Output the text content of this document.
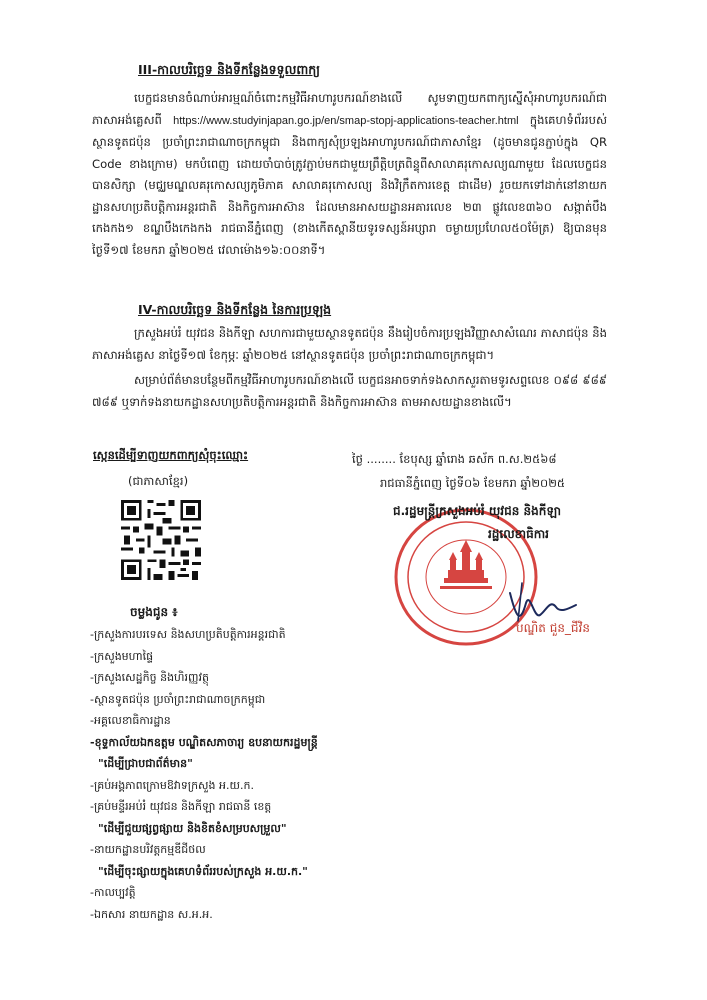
III-កាលបរិច្ឆេទ និងទីកន្លែងទទួលពាក្យ

បេក្ខជនមានចំណាប់អារម្មណ៍ចំពោះកម្មវិធីអាហារូបករណ៍ខាងលើ សូមទាញយកពាក្យស្នើសុំអាហារូបករណ៍ជាភាសាអង់គ្លេសពី https://www.studyinjapan.go.jp/en/smap-stopj-applications-teacher.html ក្នុងគេហទំព័ររបស់ស្ថានទូតជប៉ុន ប្រចាំព្រះរាជាណាចក្រកម្ពុជា និងពាក្យសុំប្រឡងអាហារូបករណ៍ជាភាសាខ្មែរ (ដូចមានជូនភ្ជាប់ក្នុង QR Code ខាងក្រោម) មកបំពេញ ដោយចាំបាច់ត្រូវភ្ជាប់មកជាមួយព្រឹត្តិបត្រពិន្ទុពីសាលាគរុកោសល្យណាមួយ ដែលបេក្ខជនបានសិក្សា (មជ្ឈមណ្ឌលគរុកោសល្យភូមិភាគ សាលាគរុកោសល្យ និងវិក្រឹតការខេត្ត ជាដើម) រួចយកទៅដាក់នៅនាយកដ្ឋានសហប្រតិបត្តិការអន្តរជាតិ និងកិច្ចការអាស៊ាន ដែលមានអាសយដ្ឋានអគារលេខ ២៣ ផ្លូវលេខ៣៦០ សង្កាត់បឹងកេងកង១ ខណ្ឌបឹងកេងកង រាជធានីភ្នំពេញ (ខាងកើតស្ពានីយទូរទស្សន៍អប្សារា ចម្ងាយប្រហែល៥០ម៉ែត្រ) ឱ្យបានមុនថ្ងៃទី១៧ ខែមករា ឆ្នាំ២០២៥ វេលាម៉ោង១៦:០០នាទី។

IV-កាលបរិច្ឆេទ និងទីកន្លែង នៃការប្រឡង

ក្រសួងអប់រំ យុវជន និងកីឡា សហការជាមួយស្ថានទូតជប៉ុន នឹងរៀបចំការប្រឡងវិញ្ញាសាសំណេរ ភាសាជប៉ុន និងភាសាអង់គ្លេស នាថ្ងៃទី១៧ ខែកុម្ភៈ ឆ្នាំ២០២៥ នៅស្ថានទូតជប៉ុន ប្រចាំព្រះរាជាណាចក្រកម្ពុជា។

សម្រាប់ព័ត៌មានបន្ថែមពីកម្មវិធីអាហារូបករណ៍ខាងលើ បេក្ខជនអាចទាក់ទងសាកសួរតាមទូរសព្ទលេខ ០៩៨ ៩៨៩ ៧៨៩ ឬទាក់ទងនាយកដ្ឋានសហប្រតិបត្តិការអន្តរជាតិ និងកិច្ចការអាស៊ាន តាមអាសយដ្ឋានខាងលើ។

ស្កេនដើម្បីទាញយកពាក្យសុំចុះឈ្មោះ
(ជាភាសាខ្មែរ)
ថ្ងៃ ........ ខែបុស្ស ឆ្នាំរោង ឆស័ក ព.ស.២៥៦៨
រាជធានីភ្នំពេញ ថ្ងៃទី០៦ ខែមករា ឆ្នាំ២០២៥
ជ.រដ្ឋមន្ត្រីក្រសួងអប់រំ យុវជន និងកីឡា
រដ្ឋលេខាធិការ
បណ្ឌិត ជួន_ជីវិន
ចម្លងជូន ៖
-ក្រសួងការបរទេស និងសហប្រតិបត្តិការអន្តរជាតិ
-ក្រសួងមហាផ្ទៃ
-ក្រសួងសេដ្ឋកិច្ច និងហិរញ្ញវត្ថុ
-ស្ថានទូតជប៉ុន ប្រចាំព្រះរាជាណាចក្រកម្ពុជា
-អគ្គលេខាធិការដ្ឋាន
-ខុទ្ទកាល័យឯកឧត្តម បណ្ឌិតសភាចារ្យ ឧបនាយករដ្ឋមន្ត្រី
"ដើម្បីជ្រាបជាព័ត៌មាន"
-គ្រប់អង្គភាពក្រោមឱវាទក្រសួង អ.យ.ក.
-គ្រប់មន្ទីរអប់រំ យុវជន និងកីឡា រាជធានី ខេត្ត
"ដើម្បីជួយផ្សព្វផ្សាយ និងខិតខំសម្របសម្រួល"
-នាយកដ្ឋានបរិវត្តកម្មឌីជីថល
"ដើម្បីចុះផ្សាយក្នុងគេហទំព័ររបស់ក្រសួង អ.យ.ក."
-កាលប្បវត្តិ
-ឯកសារ នាយកដ្ឋាន ស.អ.អ.
